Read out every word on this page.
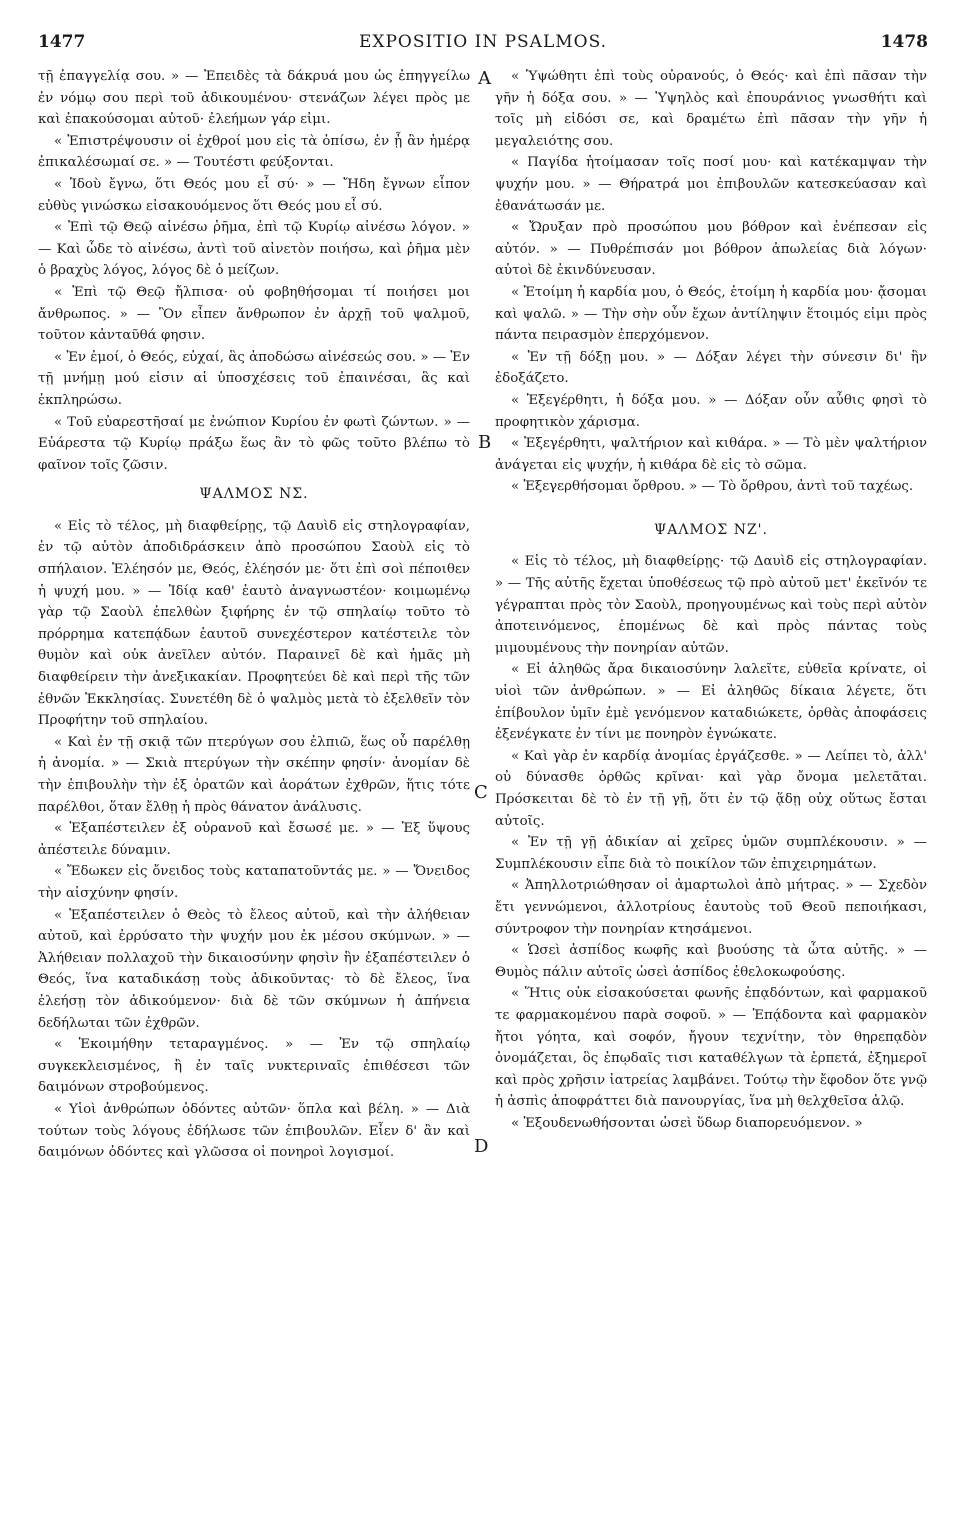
1477	EXPOSITIO IN PSALMOS.	1478
A
B
C
D

τῇ ἐπαγγελίᾳ σου. » — Ἐπειδὲς τὰ δάκρυά μου ὡς ἐπηγγείλω ἐν νόμῳ σου περὶ τοῦ ἀδικουμένου· στενάζων λέγει πρὸς με καὶ ἐπακούσομαι αὐτοῦ· ἐλεήμων γάρ εἰμι.

« Ἐπιστρέψουσιν οἱ ἐχθροί μου εἰς τὰ ὀπίσω, ἐν ᾗ ἂν ἡμέρᾳ ἐπικαλέσωμαί σε. » — Τουτέστι φεύξονται.

« Ἰδοὺ ἔγνω, ὅτι Θεός μου εἶ σύ· » — Ἤδη ἔγνων εἶπον εὐθὺς γινώσκω εἰσακουόμενος ὅτι Θεός μου εἶ σύ.

« Ἐπὶ τῷ Θεῷ αἰνέσω ῥῆμα, ἐπὶ τῷ Κυρίῳ αἰνέσω λόγον. » — Καὶ ὧδε τὸ αἰνέσω, ἀντὶ τοῦ αἰνετὸν ποιήσω, καὶ ῥῆμα μὲν ὁ βραχὺς λόγος, λόγος δὲ ὁ μείζων.

« Ἐπὶ τῷ Θεῷ ἤλπισα· οὐ φοβηθήσομαι τί ποιήσει μοι ἄνθρωπος. » — Ὃν εἶπεν ἄνθρωπον ἐν ἀρχῇ τοῦ ψαλμοῦ, τοῦτον κἀνταῦθά φησιν.

« Ἐν ἐμοί, ὁ Θεός, εὐχαί, ἃς ἀποδώσω αἰνέσεώς σου. » — Ἐν τῇ μνήμῃ μού εἰσιν αἱ ὑποσχέσεις τοῦ ἐπαινέσαι, ἃς καὶ ἐκπληρώσω.

« Τοῦ εὐαρεστῆσαί με ἐνώπιον Κυρίου ἐν φωτὶ ζώντων. » — Εὐάρεστα τῷ Κυρίῳ πράξω ἕως ἂν τὸ φῶς τοῦτο βλέπω τὸ φαῖνον τοῖς ζῶσιν.

ΨΑΛΜΟΣ ΝΣ.

« Εἰς τὸ τέλος, μὴ διαφθείρῃς, τῷ Δαυὶδ εἰς στηλογραφίαν, ἐν τῷ αὐτὸν ἀποδιδράσκειν ἀπὸ προσώπου Σαοὺλ εἰς τὸ σπήλαιον. Ἐλέησόν με, Θεός, ἐλέησόν με· ὅτι ἐπὶ σοὶ πέποιθεν ἡ ψυχή μου. » — Ἰδίᾳ καθ' ἑαυτὸ ἀναγνωστέον· κοιμωμένῳ γὰρ τῷ Σαοὺλ ἐπελθὼν ξιφήρης ἐν τῷ σπηλαίῳ τοῦτο τὸ πρόρρημα κατεπᾴδων ἑαυτοῦ συνεχέστερον κατέστειλε τὸν θυμὸν καὶ οὐκ ἀνεῖλεν αὐτόν. Παραινεῖ δὲ καὶ ἡμᾶς μὴ διαφθείρειν τὴν ἀνεξικακίαν. Προφητεύει δὲ καὶ περὶ τῆς τῶν ἐθνῶν Ἐκκλησίας. Συνετέθη δὲ ὁ ψαλμὸς μετὰ τὸ ἐξελθεῖν τὸν Προφήτην τοῦ σπηλαίου.

« Καὶ ἐν τῇ σκιᾷ τῶν πτερύγων σου ἐλπιῶ, ἕως οὗ παρέλθῃ ἡ ἀνομία. » — Σκιὰ πτερύγων τὴν σκέπην φησίν· ἀνομίαν δὲ τὴν ἐπιβουλὴν τὴν ἐξ ὁρατῶν καὶ ἀοράτων ἐχθρῶν, ἥτις τότε παρέλθοι, ὅταν ἔλθῃ ἡ πρὸς θάνατον ἀνάλυσις.

« Ἐξαπέστειλεν ἐξ οὐρανοῦ καὶ ἔσωσέ με. » — Ἐξ ὕψους ἀπέστειλε δύναμιν.

« Ἔδωκεν εἰς ὄνειδος τοὺς καταπατοῦντάς με. » — Ὄνειδος τὴν αἰσχύνην φησίν.

« Ἐξαπέστειλεν ὁ Θεὸς τὸ ἔλεος αὐτοῦ, καὶ τὴν ἀλήθειαν αὐτοῦ, καὶ ἐρρύσατο τὴν ψυχήν μου ἐκ μέσου σκύμνων. » — Ἀλήθειαν πολλαχοῦ τὴν δικαιοσύνην φησὶν ἣν ἐξαπέστειλεν ὁ Θεός, ἵνα καταδικάσῃ τοὺς ἀδικοῦντας· τὸ δὲ ἔλεος, ἵνα ἐλεήσῃ τὸν ἀδικούμενον· διὰ δὲ τῶν σκύμνων ἡ ἀπήνεια δεδήλωται τῶν ἐχθρῶν.

« Ἐκοιμήθην τεταραγμένος. » — Ἐν τῷ σπηλαίῳ συγκεκλεισμένος, ἢ ἐν ταῖς νυκτεριναῖς ἐπιθέσεσι τῶν δαιμόνων στροβούμενος.

« Υἱοὶ ἀνθρώπων ὀδόντες αὐτῶν· ὅπλα καὶ βέλη. » — Διὰ τούτων τοὺς λόγους ἐδήλωσε τῶν ἐπιβουλῶν. Εἶεν δ' ἂν καὶ δαιμόνων ὀδόντες καὶ γλῶσσα οἱ πονηροὶ λογισμοί.

« Ὑψώθητι ἐπὶ τοὺς οὐρανούς, ὁ Θεός· καὶ ἐπὶ πᾶσαν τὴν γῆν ἡ δόξα σου. » — Ὑψηλὸς καὶ ἐπουράνιος γνωσθήτι καὶ τοῖς μὴ εἰδόσι σε, καὶ δραμέτω ἐπὶ πᾶσαν τὴν γῆν ἡ μεγαλειότης σου.

« Παγίδα ἡτοίμασαν τοῖς ποσί μου· καὶ κατέκαμψαν τὴν ψυχήν μου. » — Θήρατρά μοι ἐπιβουλῶν κατεσκεύασαν καὶ ἐθανάτωσάν με.

« Ὤρυξαν πρὸ προσώπου μου βόθρον καὶ ἐνέπεσαν εἰς αὐτόν. » — Πυθρέπισάν μοι βόθρον ἀπωλείας διὰ λόγων· αὐτοὶ δὲ ἐκινδύνευσαν.

« Ἑτοίμη ἡ καρδία μου, ὁ Θεός, ἑτοίμη ἡ καρδία μου· ᾄσομαι καὶ ψαλῶ. » — Τὴν σὴν οὖν ἔχων ἀντίληψιν ἕτοιμός εἰμι πρὸς πάντα πειρασμὸν ἐπερχόμενον.

« Ἐν τῇ δόξῃ μου. » — Δόξαν λέγει τὴν σύνεσιν δι' ἣν ἐδοξάζετο.

« Ἐξεγέρθητι, ἡ δόξα μου. » — Δόξαν οὖν αὖθις φησὶ τὸ προφητικὸν χάρισμα.

« Ἐξεγέρθητι, ψαλτήριον καὶ κιθάρα. » — Τὸ μὲν ψαλτήριον ἀνάγεται εἰς ψυχήν, ἡ κιθάρα δὲ εἰς τὸ σῶμα.

« Ἐξεγερθήσομαι ὄρθρου. » — Τὸ ὄρθρου, ἀντὶ τοῦ ταχέως.

ΨΑΛΜΟΣ ΝΖ'.

« Εἰς τὸ τέλος, μὴ διαφθείρῃς· τῷ Δαυὶδ εἰς στηλογραφίαν. » — Τῆς αὐτῆς ἔχεται ὑποθέσεως τῷ πρὸ αὐτοῦ μετ' ἐκεῖνόν τε γέγραπται πρὸς τὸν Σαοὺλ, προηγουμένως καὶ τοὺς περὶ αὐτὸν ἀποτεινόμενος, ἑπομένως δὲ καὶ πρὸς πάντας τοὺς μιμουμένους τὴν πονηρίαν αὐτῶν.

« Εἰ ἀληθῶς ἄρα δικαιοσύνην λαλεῖτε, εὐθεῖα κρίνατε, οἱ υἱοὶ τῶν ἀνθρώπων. » — Εἰ ἀληθῶς δίκαια λέγετε, ὅτι ἐπίβουλον ὑμῖν ἐμὲ γενόμενον καταδιώκετε, ὀρθὰς ἀποφάσεις ἐξενέγκατε ἐν τίνι με πονηρὸν ἐγνώκατε.

« Καὶ γὰρ ἐν καρδίᾳ ἀνομίας ἐργάζεσθε. » — Λείπει τὸ, ἀλλ' οὐ δύνασθε ὀρθῶς κρῖναι· καὶ γὰρ ὄνομα μελετᾶται. Πρόσκειται δὲ τὸ ἐν τῇ γῇ, ὅτι ἐν τῷ ᾅδῃ οὐχ οὕτως ἔσται αὐτοῖς.

« Ἐν τῇ γῇ ἀδικίαν αἱ χεῖρες ὑμῶν συμπλέκουσιν. » — Συμπλέκουσιν εἶπε διὰ τὸ ποικίλον τῶν ἐπιχειρημάτων.

« Ἀπηλλοτριώθησαν οἱ ἁμαρτωλοὶ ἀπὸ μήτρας. » — Σχεδὸν ἔτι γεννώμενοι, ἀλλοτρίους ἑαυτοὺς τοῦ Θεοῦ πεποιήκασι, σύντροφον τὴν πονηρίαν κτησάμενοι.

« Ὡσεὶ ἀσπίδος κωφῆς καὶ βυούσης τὰ ὦτα αὐτῆς. » — Θυμὸς πάλιν αὐτοῖς ὡσεὶ ἀσπίδος ἐθελοκωφούσης.

« Ἥτις οὐκ εἰσακούσεται φωνῆς ἐπᾳδόντων, καὶ φαρμακοῦ τε φαρμακομένου παρὰ σοφοῦ. » — Ἐπᾴδοντα καὶ φαρμακὸν ἤτοι γόητα, καὶ σοφόν, ἤγουν τεχνίτην, τὸν θηρεπᾳδὸν ὀνομάζεται, ὃς ἐπῳδαῖς τισι καταθέλγων τὰ ἑρπετά, ἐξημεροῖ καὶ πρὸς χρῆσιν ἰατρείας λαμβάνει. Τούτῳ τὴν ἔφοδον ὅτε γνῷ ἡ ἀσπὶς ἀποφράττει διὰ πανουργίας, ἵνα μὴ θελχθεῖσα ἁλῷ.

« Ἐξουδενωθήσονται ὡσεὶ ὕδωρ διαπορευόμενον. »
